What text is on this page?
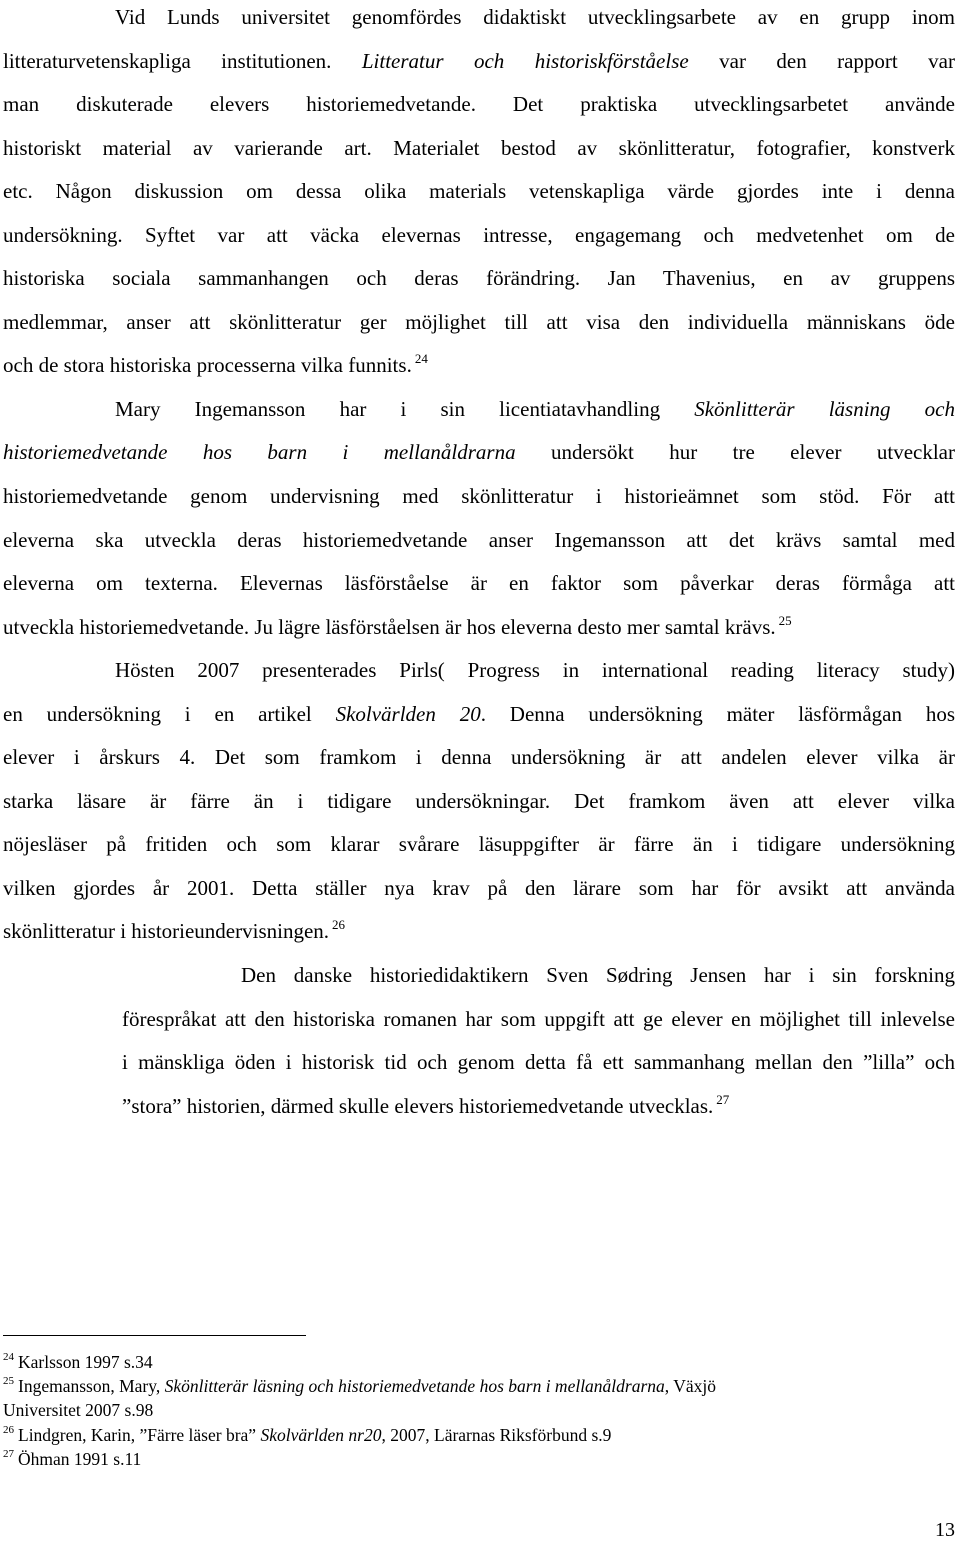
Vid Lunds universitet genomfördes didaktiskt utvecklingsarbete av en grupp inom
litteraturvetenskapliga institutionen. Litteratur och historiskförståelse var den rapport var
man diskuterade elevers historiemedvetande. Det praktiska utvecklingsarbetet använde
historiskt material av varierande art. Materialet bestod av skönlitteratur, fotografier, konstverk
etc. Någon diskussion om dessa olika materials vetenskapliga värde gjordes inte i denna
undersökning. Syftet var att väcka elevernas intresse, engagemang och medvetenhet om de
historiska sociala sammanhangen och deras förändring. Jan Thavenius, en av gruppens
medlemmar, anser att skönlitteratur ger möjlighet till att visa den individuella människans öde
och de stora historiska processerna vilka funnits. $^{24}$

Mary Ingemansson har i sin licentiatavhandling Skönlitterär läsning och
historiemedvetande hos barn i mellanåldrarna undersökt hur tre elever utvecklar
historiemedvetande genom undervisning med skönlitteratur i historieämnet som stöd. För att
eleverna ska utveckla deras historiemedvetande anser Ingemansson att det krävs samtal med
eleverna om texterna. Elevernas läsförståelse är en faktor som påverkar deras förmåga att
utveckla historiemedvetande. Ju lägre läsförståelsen är hos eleverna desto mer samtal krävs. $^{25}$

Hösten 2007 presenterades Pirls( Progress in international reading literacy study)
en undersökning i en artikel Skolvärlden 20. Denna undersökning mäter läsförmågan hos
elever i årskurs 4. Det som framkom i denna undersökning är att andelen elever vilka är
starka läsare är färre än i tidigare undersökningar. Det framkom även att elever vilka
nöjesläser på fritiden och som klarar svårare läsuppgifter är färre än i tidigare undersökning
vilken gjordes år 2001. Detta ställer nya krav på den lärare som har för avsikt att använda
skönlitteratur i historieundervisningen. $^{26}$

Den danske historiedidaktikern Sven Sødring Jensen har i sin forskning
förespråkat att den historiska romanen har som uppgift att ge elever en möjlighet till inlevelse
i mänskliga öden i historisk tid och genom detta få ett sammanhang mellan den ”lilla” och
”stora” historien, därmed skulle elevers historiemedvetande utvecklas. $^{27}$

$^{24}$ Karlsson 1997 s.34
$^{25}$ Ingemansson, Mary, Skönlitterär läsning och historiemedvetande hos barn i mellanåldrarna, Växjö
Universitet 2007 s.98
$^{26}$ Lindgren, Karin, ”Färre läser bra” Skolvärlden nr20, 2007, Lärarnas Riksförbund s.9
$^{27}$ Öhman 1991 s.11
13
